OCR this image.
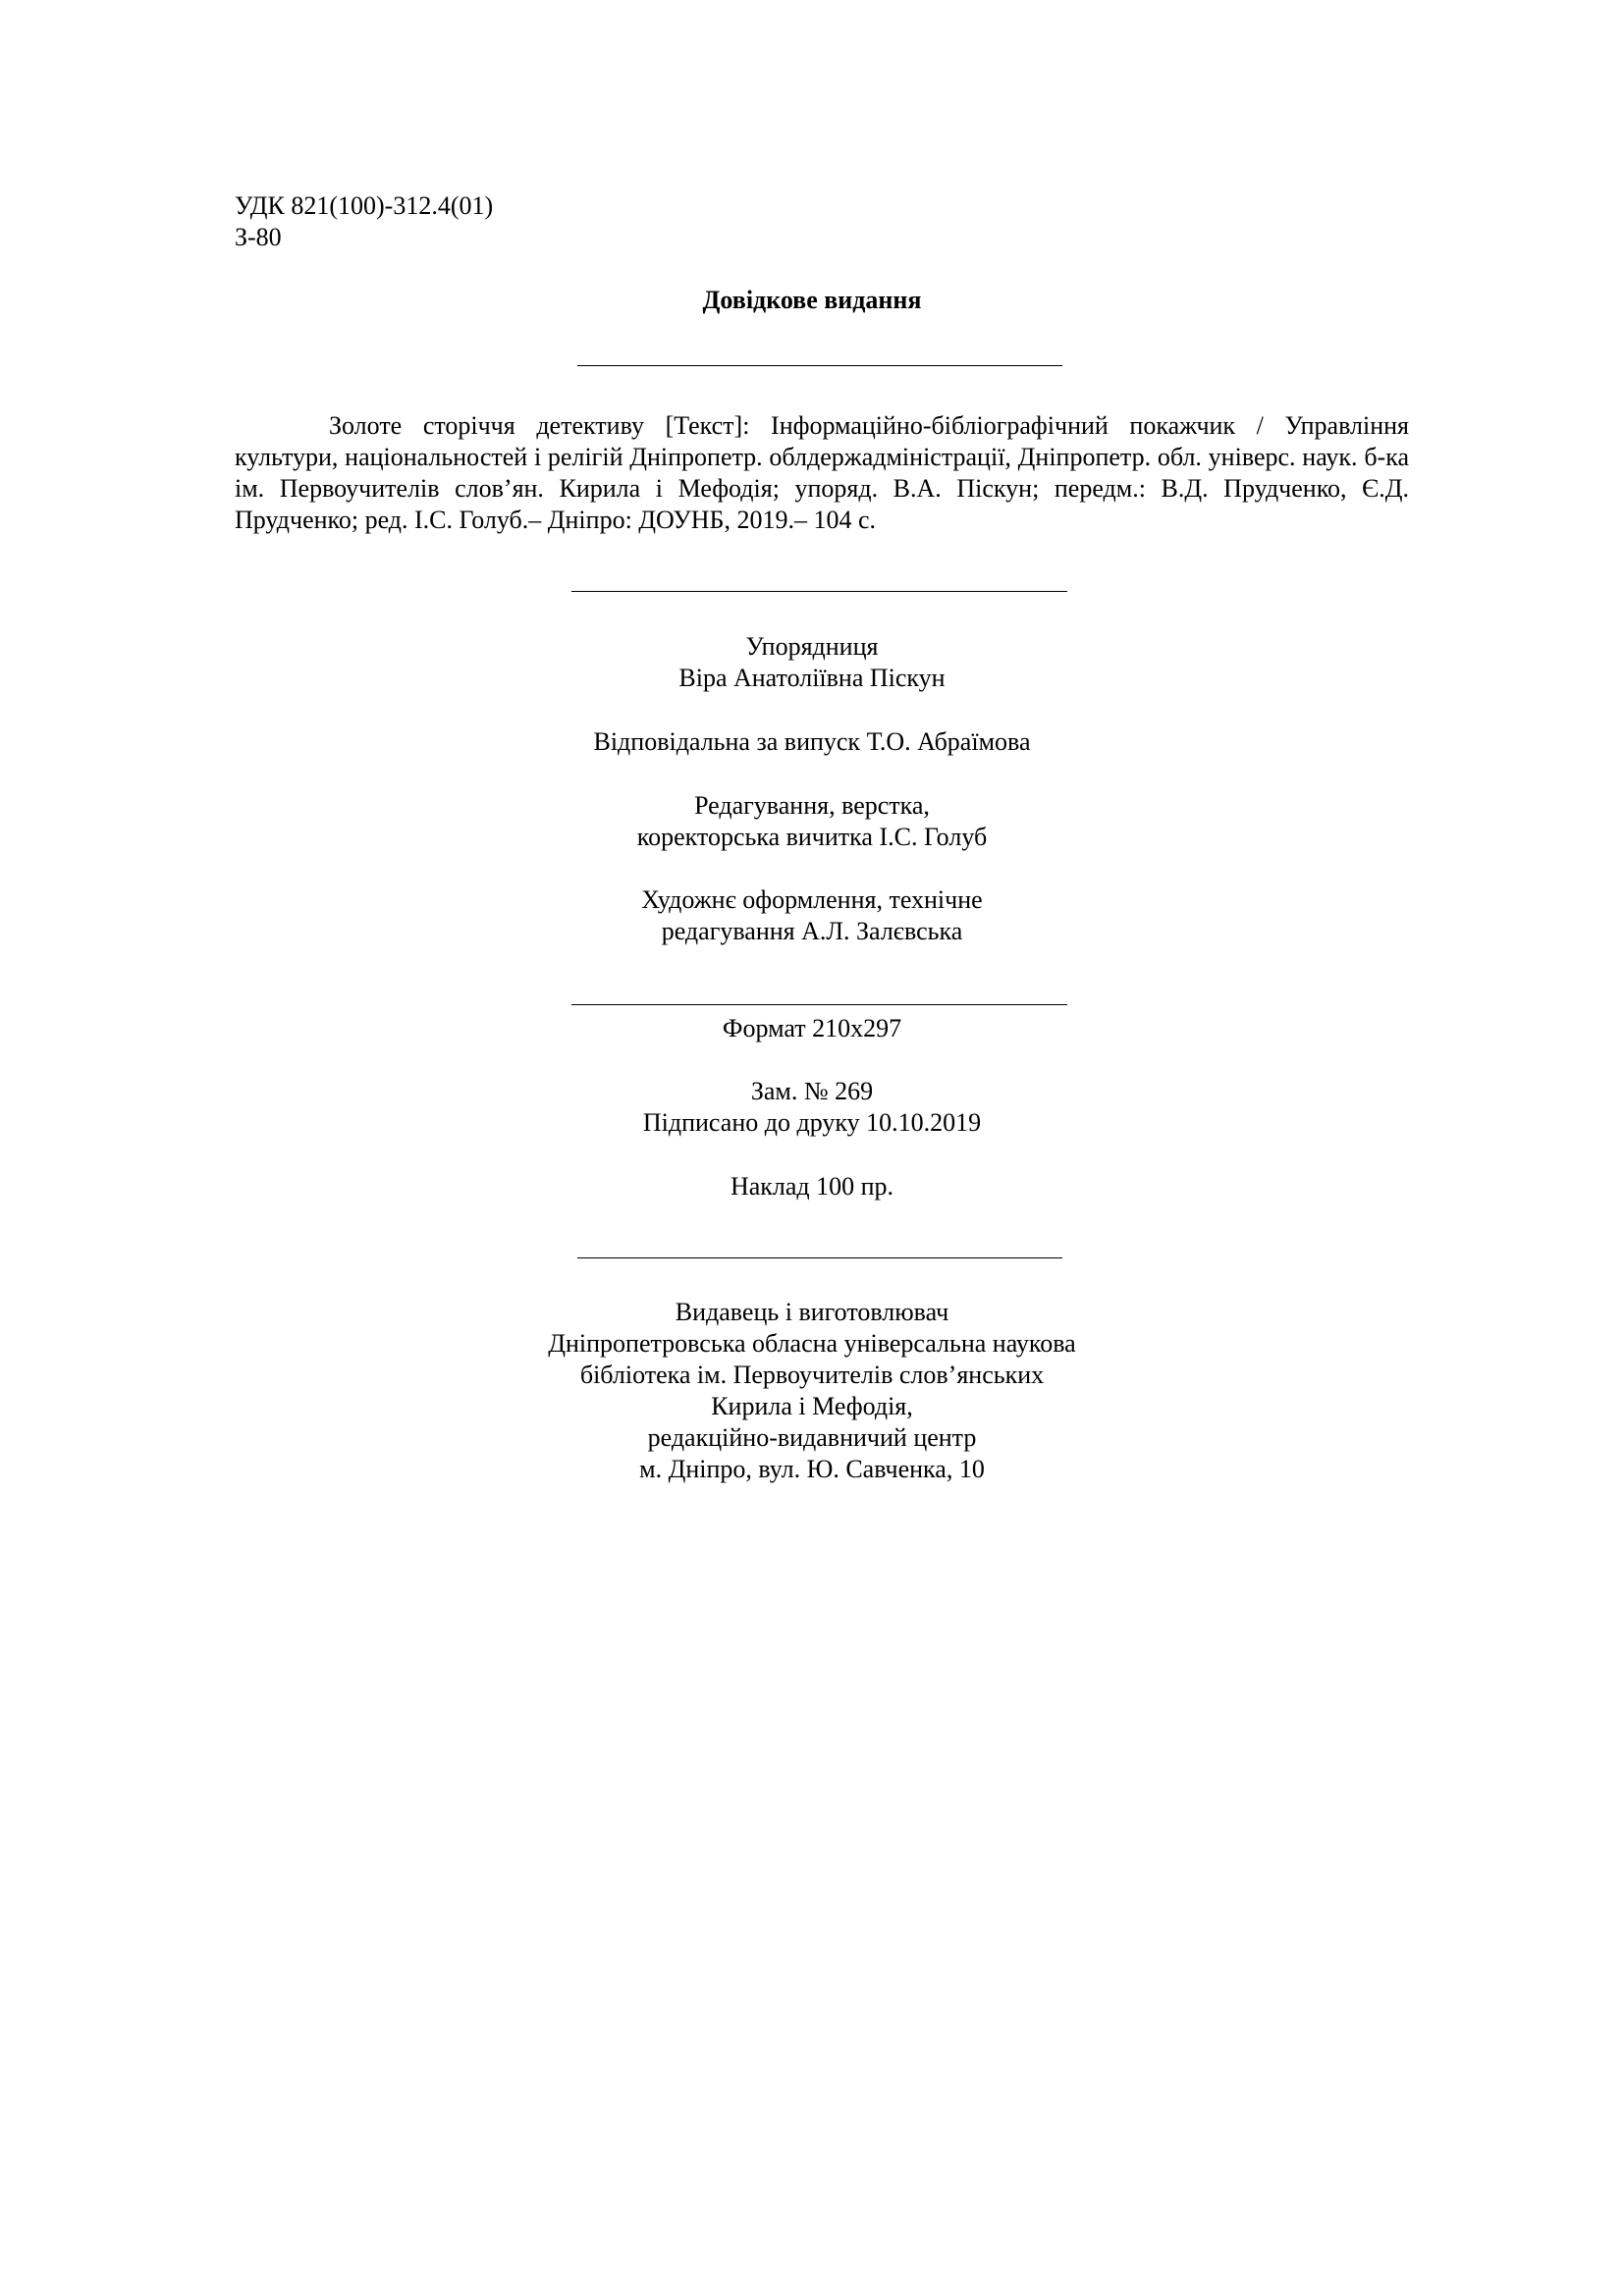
УДК 821(100)-312.4(01)
З-80
Довідкове видання

Золоте сторіччя детективу [Текст]: Інформаційно-бібліографічний покажчик / Управління культури, національностей і релігій Дніпропетр. облдержадміністрації, Дніпропетр. обл. універс. наук. б-ка ім. Первоучителів слов’ян. Кирила і Мефодія; упоряд. В.А. Піскун; передм.: В.Д. Прудченко, Є.Д. Прудченко; ред. І.С. Голуб.– Дніпро: ДОУНБ, 2019.– 104 с.

Упорядниця
Віра Анатоліївна Піскун
Відповідальна за випуск Т.О. Абраїмова
Редагування, верстка,
коректорська вичитка І.С. Голуб
Художнє оформлення, технічне
редагування А.Л. Залєвська
Формат 210х297
Зам. № 269
Підписано до друку 10.10.2019
Наклад 100 пр.
Видавець і виготовлювач
Дніпропетровська обласна універсальна наукова
бібліотека ім. Первоучителів слов’янських
Кирила і Мефодія,
редакційно-видавничий центр
м. Дніпро, вул. Ю. Савченка, 10
